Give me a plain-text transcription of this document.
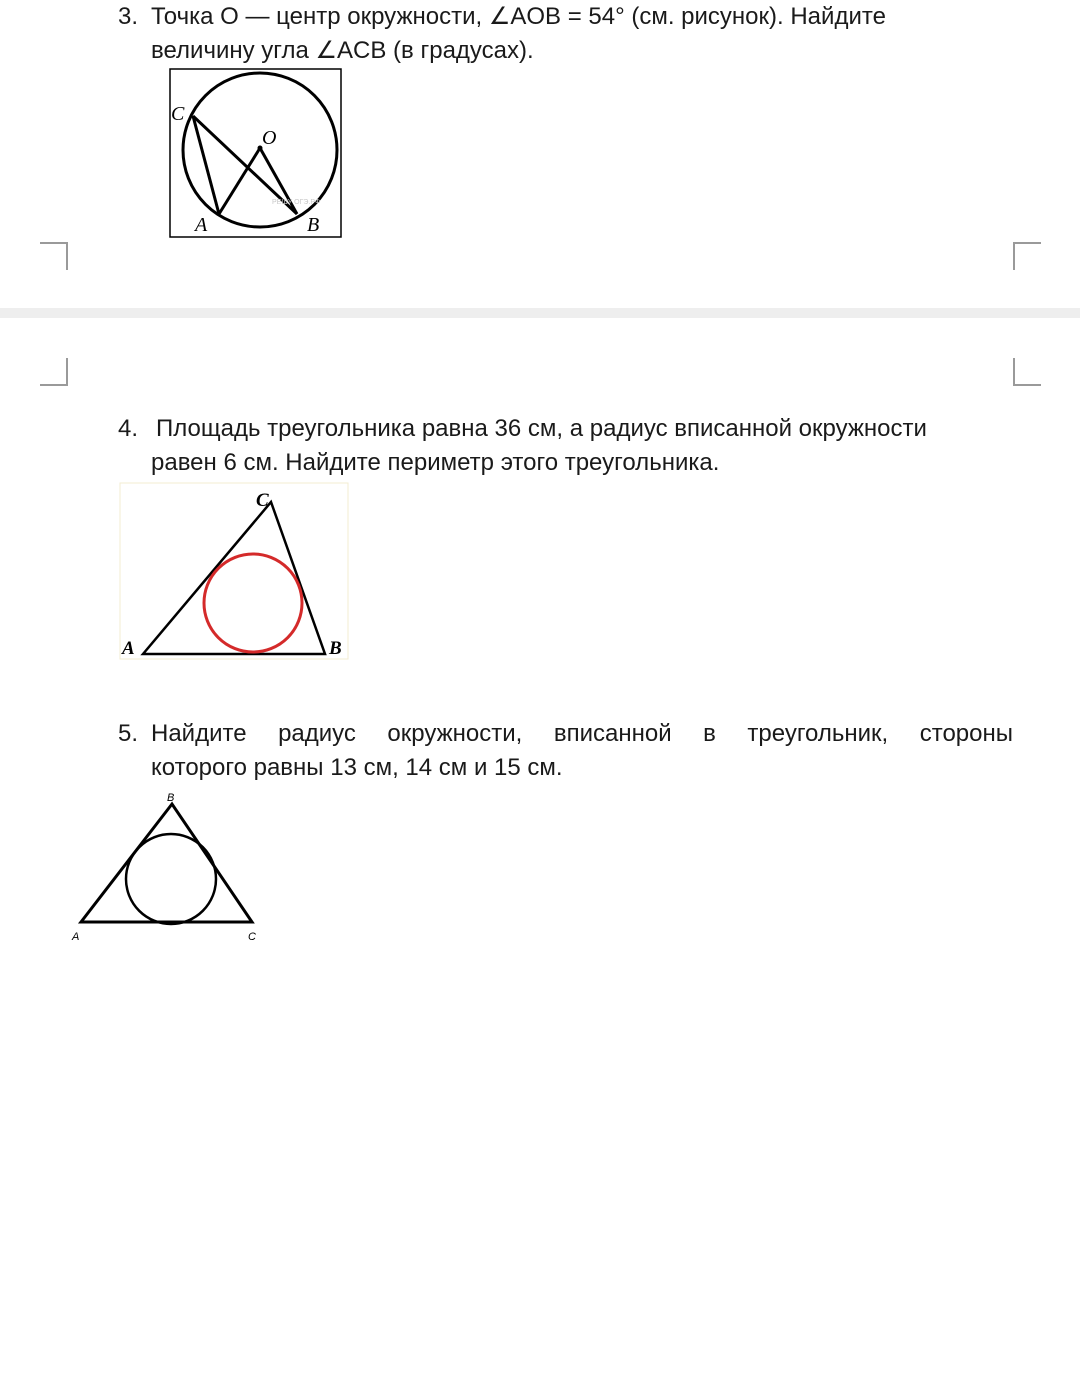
3. Точка O — центр окружности, ∠AOB = 54° (см. рисунок). Найдите
величину угла ∠ACB (в градусах).
РЕШУ ОГЭ.РФ
C
O
A	B
4. Площадь треугольника равна 36 см, а радиус вписанной окружности
равен 6 см. Найдите периметр этого треугольника.
C
A	B
5. Найдите радиус окружности, вписанной в треугольник, стороны
которого равны 13 см, 14 см и 15 см.
B
A	C
